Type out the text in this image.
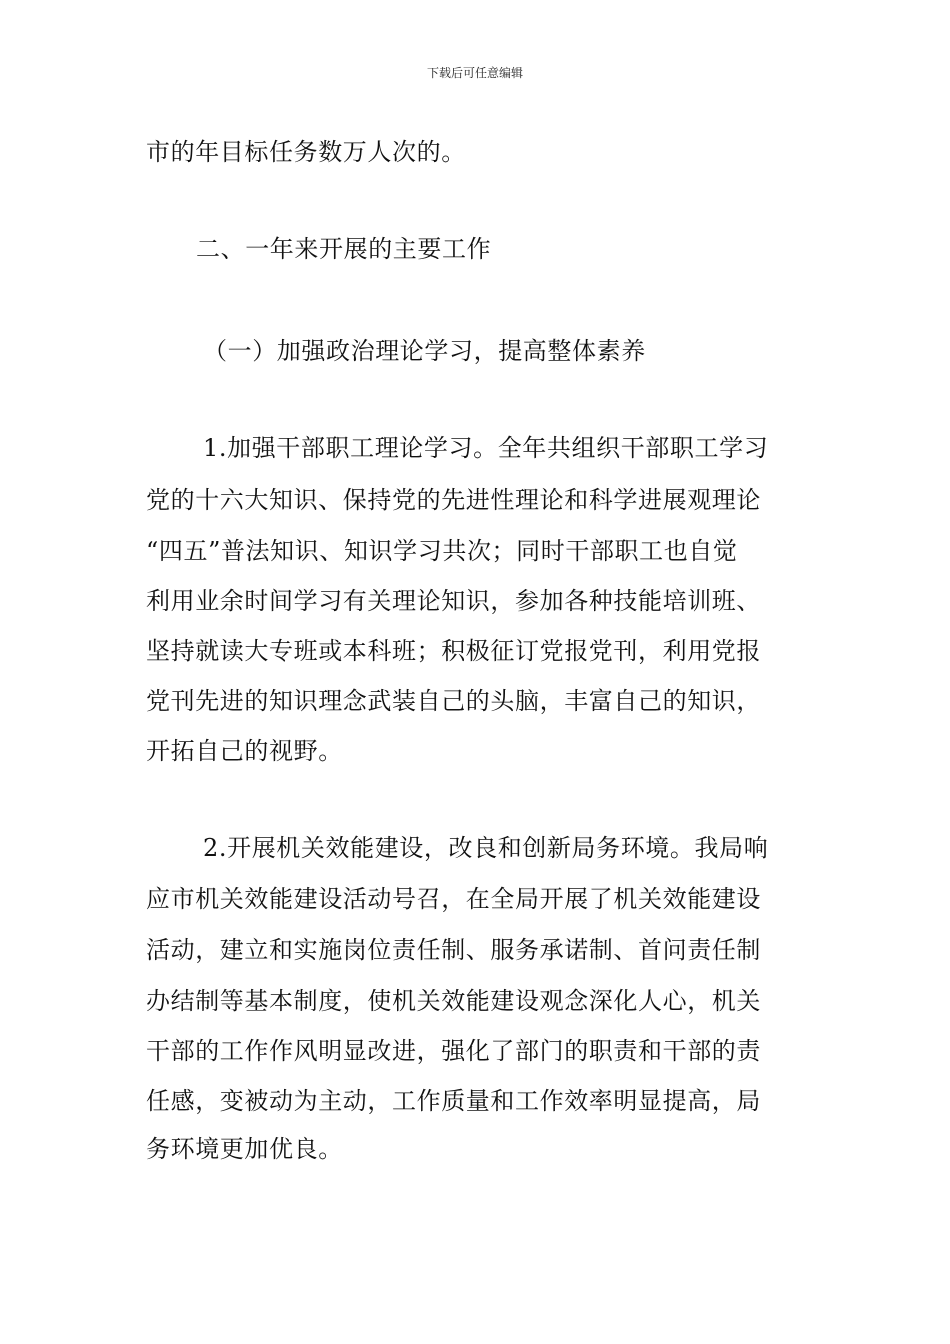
下载后可任意编辑
市的年目标任务数万人次的。
二、一年来开展的主要工作
（一）加强政治理论学习，提高整体素养
1.加强干部职工理论学习。全年共组织干部职工学习
党的十六大知识、保持党的先进性理论和科学进展观理论
“四五”普法知识、知识学习共次；同时干部职工也自觉
利用业余时间学习有关理论知识，参加各种技能培训班、
坚持就读大专班或本科班；积极征订党报党刊，利用党报
党刊先进的知识理念武装自己的头脑，丰富自己的知识，
开拓自己的视野。
2.开展机关效能建设，改良和创新局务环境。我局响
应市机关效能建设活动号召，在全局开展了机关效能建设
活动，建立和实施岗位责任制、服务承诺制、首问责任制
办结制等基本制度，使机关效能建设观念深化人心，机关
干部的工作作风明显改进，强化了部门的职责和干部的责
任感，变被动为主动，工作质量和工作效率明显提高，局
务环境更加优良。
